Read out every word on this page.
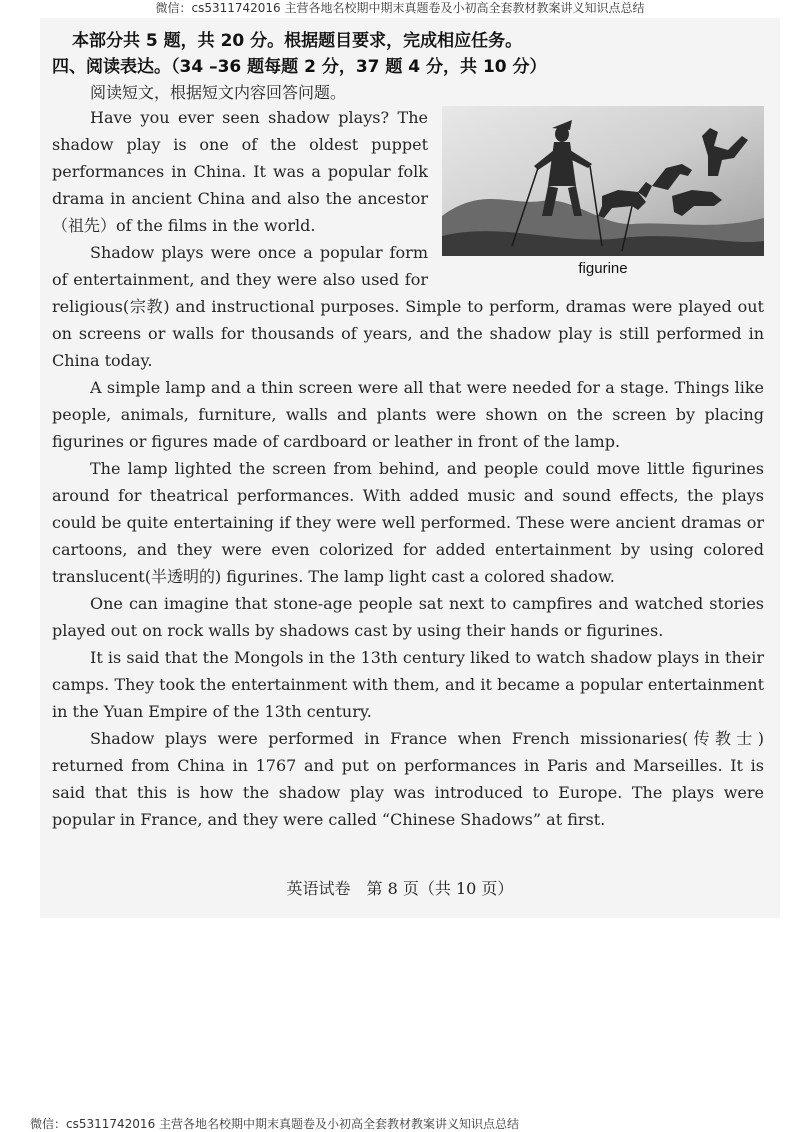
微信：cs5311742016 主营各地名校期中期末真题卷及小初高全套教材教案讲义知识点总结
本部分共 5 题，共 20 分。根据题目要求，完成相应任务。
四、阅读表达。（34 –36 题每题 2 分，37 题 4 分，共 10 分）
阅读短文，根据短文内容回答问题。
figurine

Have you ever seen shadow plays? The shadow play is one of the oldest puppet performances in China. It was a popular folk drama in ancient China and also the ancestor（祖先）of the films in the world.

Shadow plays were once a popular form of entertainment, and they were also used for religious(宗教) and instructional purposes. Simple to perform, dramas were played out on screens or walls for thousands of years, and the shadow play is still performed in China today.

A simple lamp and a thin screen were all that were needed for a stage. Things like people, animals, furniture, walls and plants were shown on the screen by placing figurines or figures made of cardboard or leather in front of the lamp.

The lamp lighted the screen from behind, and people could move little figurines around for theatrical performances. With added music and sound effects, the plays could be quite entertaining if they were well performed. These were ancient dramas or cartoons, and they were even colorized for added entertainment by using colored translucent(半透明的) figurines. The lamp light cast a colored shadow.

One can imagine that stone-age people sat next to campfires and watched stories played out on rock walls by shadows cast by using their hands or figurines.

It is said that the Mongols in the 13th century liked to watch shadow plays in their camps. They took the entertainment with them, and it became a popular entertainment in the Yuan Empire of the 13th century.

Shadow plays were performed in France when French missionaries(传教士) returned from China in 1767 and put on performances in Paris and Marseilles. It is said that this is how the shadow play was introduced to Europe. The plays were popular in France, and they were called “Chinese Shadows” at first.

英语试卷　第 8 页（共 10 页）
微信：cs5311742016 主营各地名校期中期末真题卷及小初高全套教材教案讲义知识点总结
